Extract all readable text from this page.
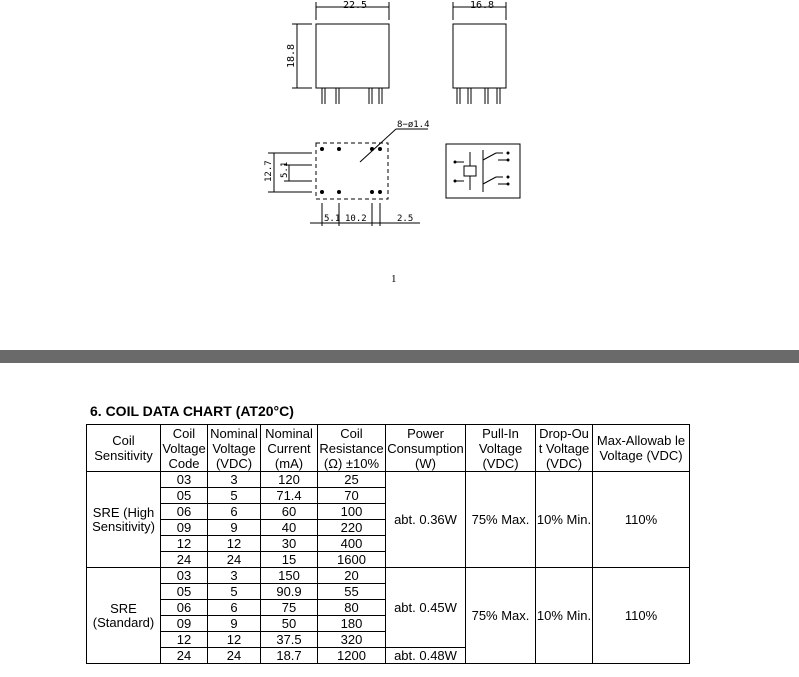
22.5
18.8
16.8
8−ø1.4
12.7 5.1
5.1 10.2	2.5
1
6. COIL DATA CHART (AT20°C)
Coil Sensitivity	Coil Voltage Code	Nominal Voltage (VDC)	Nominal Current (mA)	Coil Resistance (Ω) ±10%	Power Consumption (W)	Pull-In Voltage (VDC)	Drop-Ou t Voltage (VDC)	Max-Allowab le Voltage (VDC)
SRE (High Sensitivity)	03	3	120	25	abt. 0.36W	75% Max.	10% Min.	110%
	05	5	71.4	70				
	06	6	60	100				
	09	9	40	220				
	12	12	30	400				
	24	24	15	1600				
SRE (Standard)	03	3	150	20	abt. 0.45W	75% Max.	10% Min.	110%
	05	5	90.9	55				
	06	6	75	80				
	09	9	50	180				
	12	12	37.5	320				
	24	24	18.7	1200	abt. 0.48W			
